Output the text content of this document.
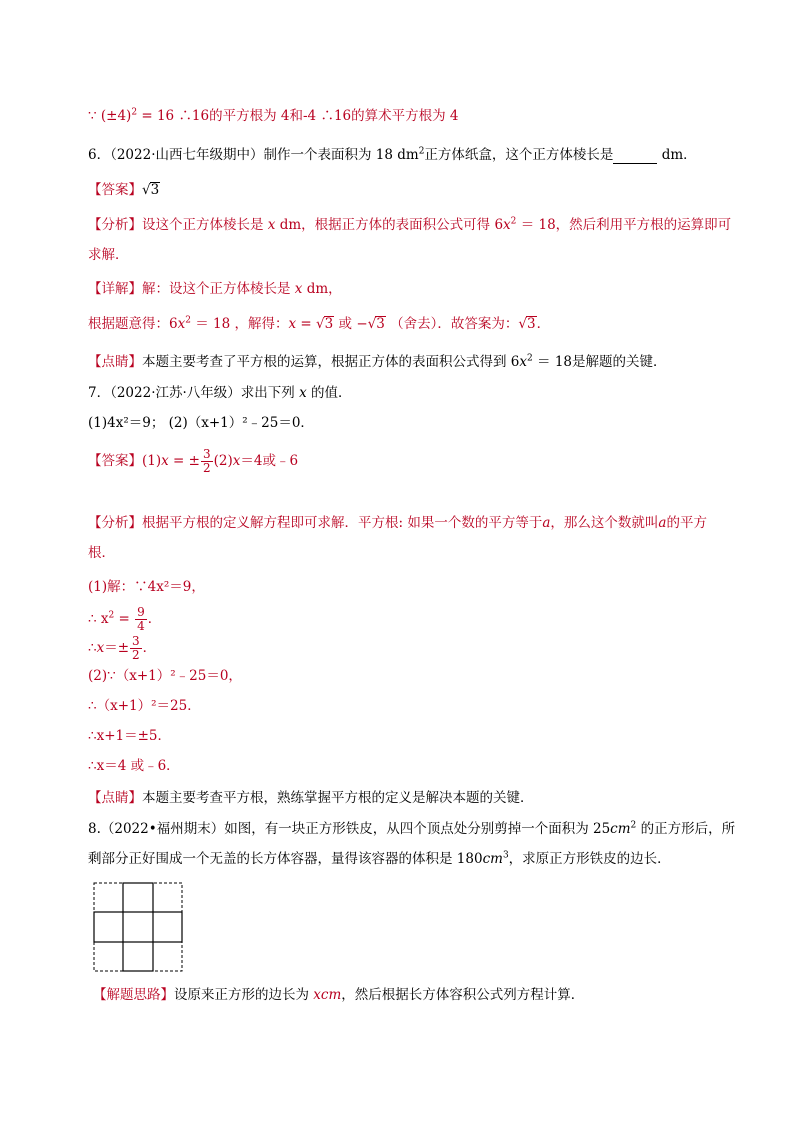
∵ $(\pm 4)^2 = 16$ ∴16的平方根为 4和-4 ∴16的算术平方根为 4
6．（2022·山西七年级期中）制作一个表面积为 18 $dm^2$正方体纸盒，这个正方体棱长是	dm．
【答案】√3
【分析】设这个正方体棱长是 x dm，根据正方体的表面积公式可得 $6x^2 = 18$，然后利用平方根的运算即可
求解．
【详解】解：设这个正方体棱长是 x dm，
根据题意得：$6x^2 = 18$ ，解得：x = √3 或 −√3 （舍去）．故答案为：√3．
【点睛】本题主要考查了平方根的运算，根据正方体的表面积公式得到 $6x^2 = 18$是解题的关键．
7．（2022·江苏·八年级）求出下列 x 的值．
(1)4x²＝9； (2)（x+1）²﹣25＝0．
【答案】(1)x = ± $\frac{3}{2} (2)x=4$或﹣6
【分析】根据平方根的定义解方程即可求解．平方根: 如果一个数的平方等于a，那么这个数就叫a的平方
根．
(1)解：∵4x²＝9，
∴ $x^2 = \frac{9}{4}$ ．
∴x＝± $\frac{3}{2}$ ．
(2)∵（x+1）²﹣25＝0，
∴（x+1）²＝25．
∴x+1＝±5．
∴x＝4 或﹣6．
【点睛】本题主要考查平方根，熟练掌握平方根的定义是解决本题的关键．
8.（2022•福州期末）如图，有一块正方形铁皮，从四个顶点处分别剪掉一个面积为 $25cm^2$ 的正方形后，所
剩部分正好围成一个无盖的长方体容器，量得该容器的体积是 $180cm^3$，求原正方形铁皮的边长．
【解题思路】设原来正方形的边长为 xcm，然后根据长方体容积公式列方程计算．
